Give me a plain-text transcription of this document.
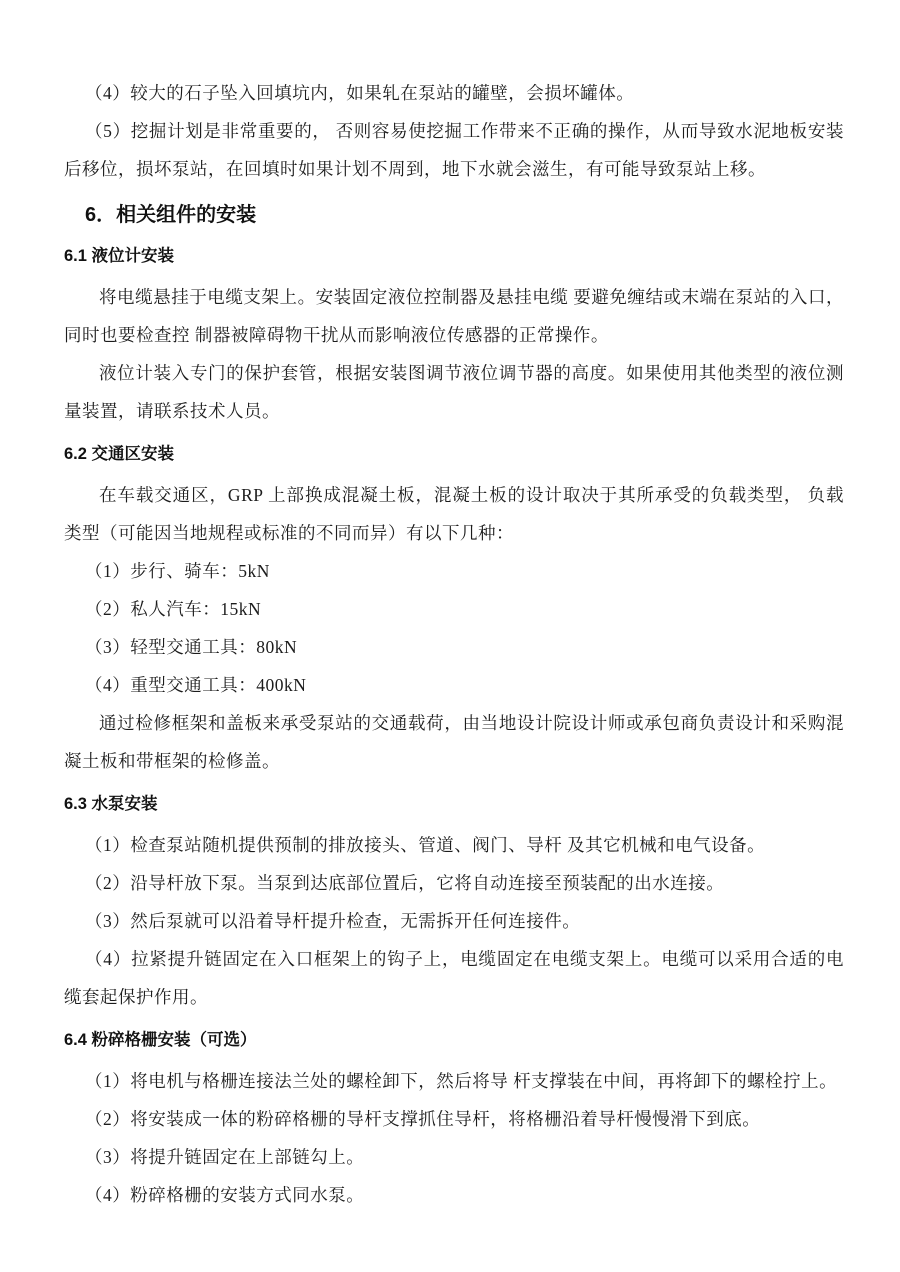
（4）较大的石子坠入回填坑内，如果轧在泵站的罐壁，会损坏罐体。

（5）挖掘计划是非常重要的， 否则容易使挖掘工作带来不正确的操作，从而导致水泥地板安装后移位，损坏泵站，在回填时如果计划不周到，地下水就会滋生，有可能导致泵站上移。

6．相关组件的安装
6.1 液位计安装

将电缆悬挂于电缆支架上。安装固定液位控制器及悬挂电缆 要避免缠结或末端在泵站的入口，同时也要检查控 制器被障碍物干扰从而影响液位传感器的正常操作。

液位计装入专门的保护套管，根据安装图调节液位调节器的高度。如果使用其他类型的液位测量装置，请联系技术人员。

6.2 交通区安装

在车载交通区，GRP 上部换成混凝土板，混凝土板的设计取决于其所承受的负载类型， 负载类型（可能因当地规程或标准的不同而异）有以下几种：

（1）步行、骑车：5kN

（2）私人汽车：15kN

（3）轻型交通工具：80kN

（4）重型交通工具：400kN

通过检修框架和盖板来承受泵站的交通载荷，由当地设计院设计师或承包商负责设计和采购混凝土板和带框架的检修盖。

6.3 水泵安装

（1）检查泵站随机提供预制的排放接头、管道、阀门、导杆 及其它机械和电气设备。

（2）沿导杆放下泵。当泵到达底部位置后，它将自动连接至预装配的出水连接。

（3）然后泵就可以沿着导杆提升检查，无需拆开任何连接件。

（4）拉紧提升链固定在入口框架上的钩子上，电缆固定在电缆支架上。电缆可以采用合适的电缆套起保护作用。

6.4 粉碎格栅安装（可选）

（1）将电机与格栅连接法兰处的螺栓卸下，然后将导 杆支撑装在中间，再将卸下的螺栓拧上。

（2）将安装成一体的粉碎格栅的导杆支撑抓住导杆，将格栅沿着导杆慢慢滑下到底。

（3）将提升链固定在上部链勾上。

（4）粉碎格栅的安装方式同水泵。
